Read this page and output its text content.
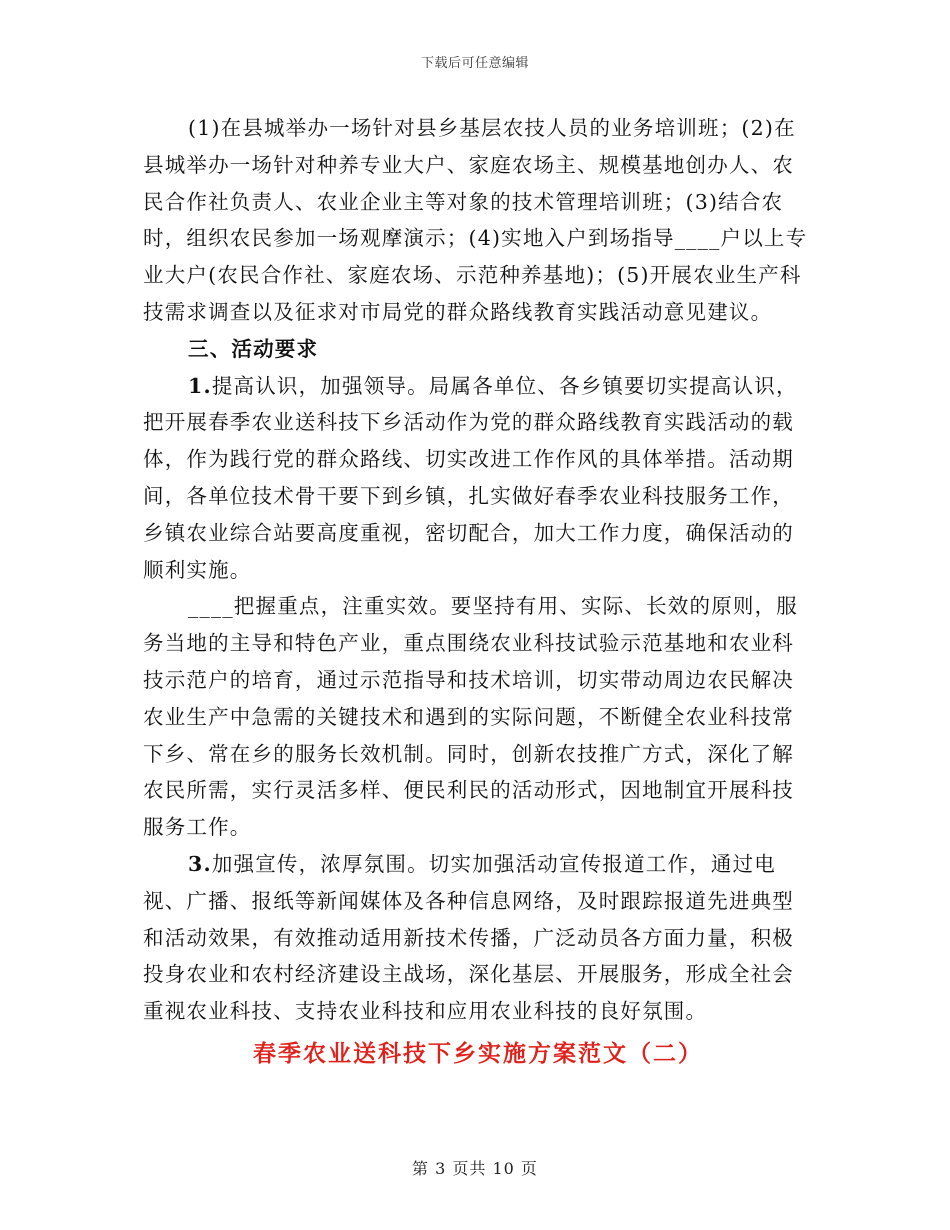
下载后可任意编辑

(1)在县城举办一场针对县乡基层农技人员的业务培训班；(2)在县城举办一场针对种养专业大户、家庭农场主、规模基地创办人、农民合作社负责人、农业企业主等对象的技术管理培训班；(3)结合农时，组织农民参加一场观摩演示；(4)实地入户到场指导____户以上专业大户(农民合作社、家庭农场、示范种养基地)；(5)开展农业生产科技需求调查以及征求对市局党的群众路线教育实践活动意见建议。

三、活动要求

1.提高认识，加强领导。局属各单位、各乡镇要切实提高认识，把开展春季农业送科技下乡活动作为党的群众路线教育实践活动的载体，作为践行党的群众路线、切实改进工作作风的具体举措。活动期间，各单位技术骨干要下到乡镇，扎实做好春季农业科技服务工作，乡镇农业综合站要高度重视，密切配合，加大工作力度，确保活动的顺利实施。

____把握重点，注重实效。要坚持有用、实际、长效的原则，服务当地的主导和特色产业，重点围绕农业科技试验示范基地和农业科技示范户的培育，通过示范指导和技术培训，切实带动周边农民解决农业生产中急需的关键技术和遇到的实际问题，不断健全农业科技常下乡、常在乡的服务长效机制。同时，创新农技推广方式，深化了解农民所需，实行灵活多样、便民利民的活动形式，因地制宜开展科技服务工作。

3.加强宣传，浓厚氛围。切实加强活动宣传报道工作，通过电视、广播、报纸等新闻媒体及各种信息网络，及时跟踪报道先进典型和活动效果，有效推动适用新技术传播，广泛动员各方面力量，积极投身农业和农村经济建设主战场，深化基层、开展服务，形成全社会重视农业科技、支持农业科技和应用农业科技的良好氛围。

春季农业送科技下乡实施方案范文（二）

第 3 页共 10 页
